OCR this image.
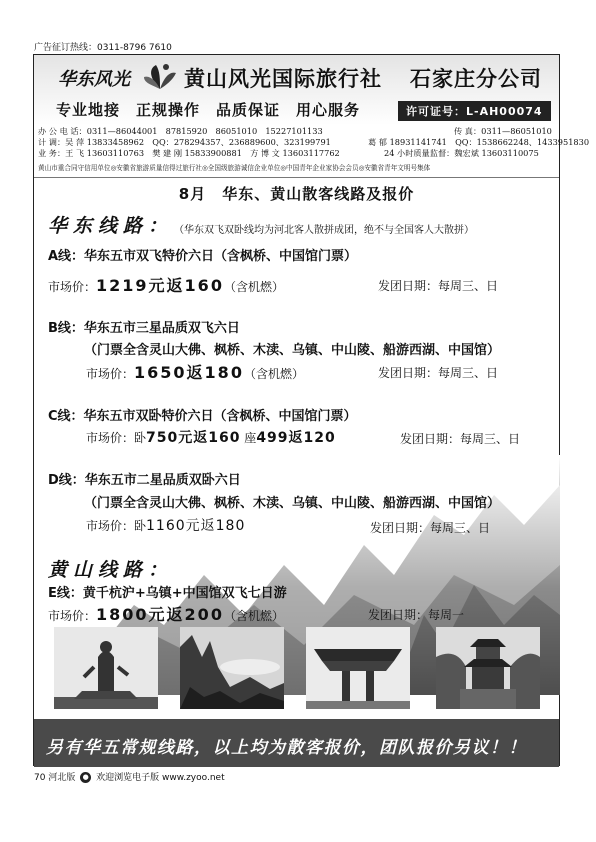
广告征订热线：0311-8796 7610
华东风光	黄山风光国际旅行社 石家庄分公司
专业地接　正规操作　品质保证　用心服务	许可证号：L-AH00074
办 公 电 话：0311—86044001　87815920　86051010　15227101133	传 真：0311—86051010
计 调：吴 萍 13833458962　QQ：278294357、236889600、323199791	葛 郁 18931141741　QQ：1538662248、1433951830
业 务：王 飞 13603110763　樊 建 刚 15833900881　方 博 文 13603117762	24 小时质量监督：魏宏斌 13603110075
黄山市重合同守信用单位◎安徽省旅游质量信得过旅行社◎全国级旅游诚信企业单位◎中国青年企业家协会会员◎安徽省青年文明号集体
8月　华东、黄山散客线路及报价
华东线路： （华东双飞双卧线均为河北客人散拼成团，绝不与全国客人大散拼）
A线：华东五市双飞特价六日（含枫桥、中国馆门票）
市场价：1219元返160（含机燃）	发团日期：每周三、日
B线：华东五市三星品质双飞六日
（门票全含灵山大佛、枫桥、木渎、乌镇、中山陵、船游西湖、中国馆）
市场价：1650返180（含机燃）	发团日期：每周三、日
C线：华东五市双卧特价六日（含枫桥、中国馆门票）
市场价：卧750元返160 座499返120	发团日期：每周三、日
D线：华东五市二星品质双卧六日
（门票全含灵山大佛、枫桥、木渎、乌镇、中山陵、船游西湖、中国馆）
市场价：卧1160元返180	发团日期：每周三、日
黄山线路：
E线：黄千杭沪+乌镇+中国馆双飞七日游
市场价：1800元返200（含机燃）	发团日期：每周一
另有华五常规线路，以上均为散客报价，团队报价另议！！
70 河北版 ● 欢迎浏览电子版 www.zyoo.net
